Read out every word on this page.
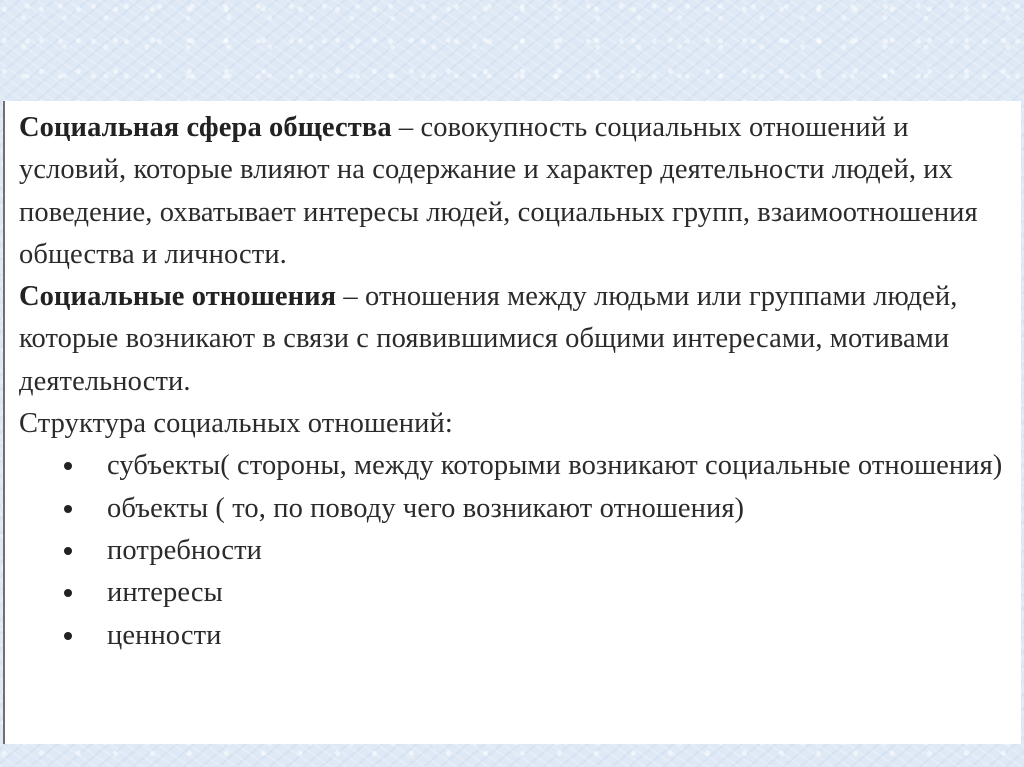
Социальная сфера общества – совокупность социальных отношений и условий, которые влияют на содержание и характер деятельности людей, их поведение, охватывает интересы людей, социальных групп, взаимоотношения общества и личности.

Социальные отношения – отношения между людьми или группами людей, которые возникают в связи с появившимися общими интересами, мотивами деятельности.

Структура социальных отношений:

субъекты( стороны, между которыми возникают социальные отношения)
объекты ( то, по поводу чего возникают отношения)
потребности
интересы
ценности
